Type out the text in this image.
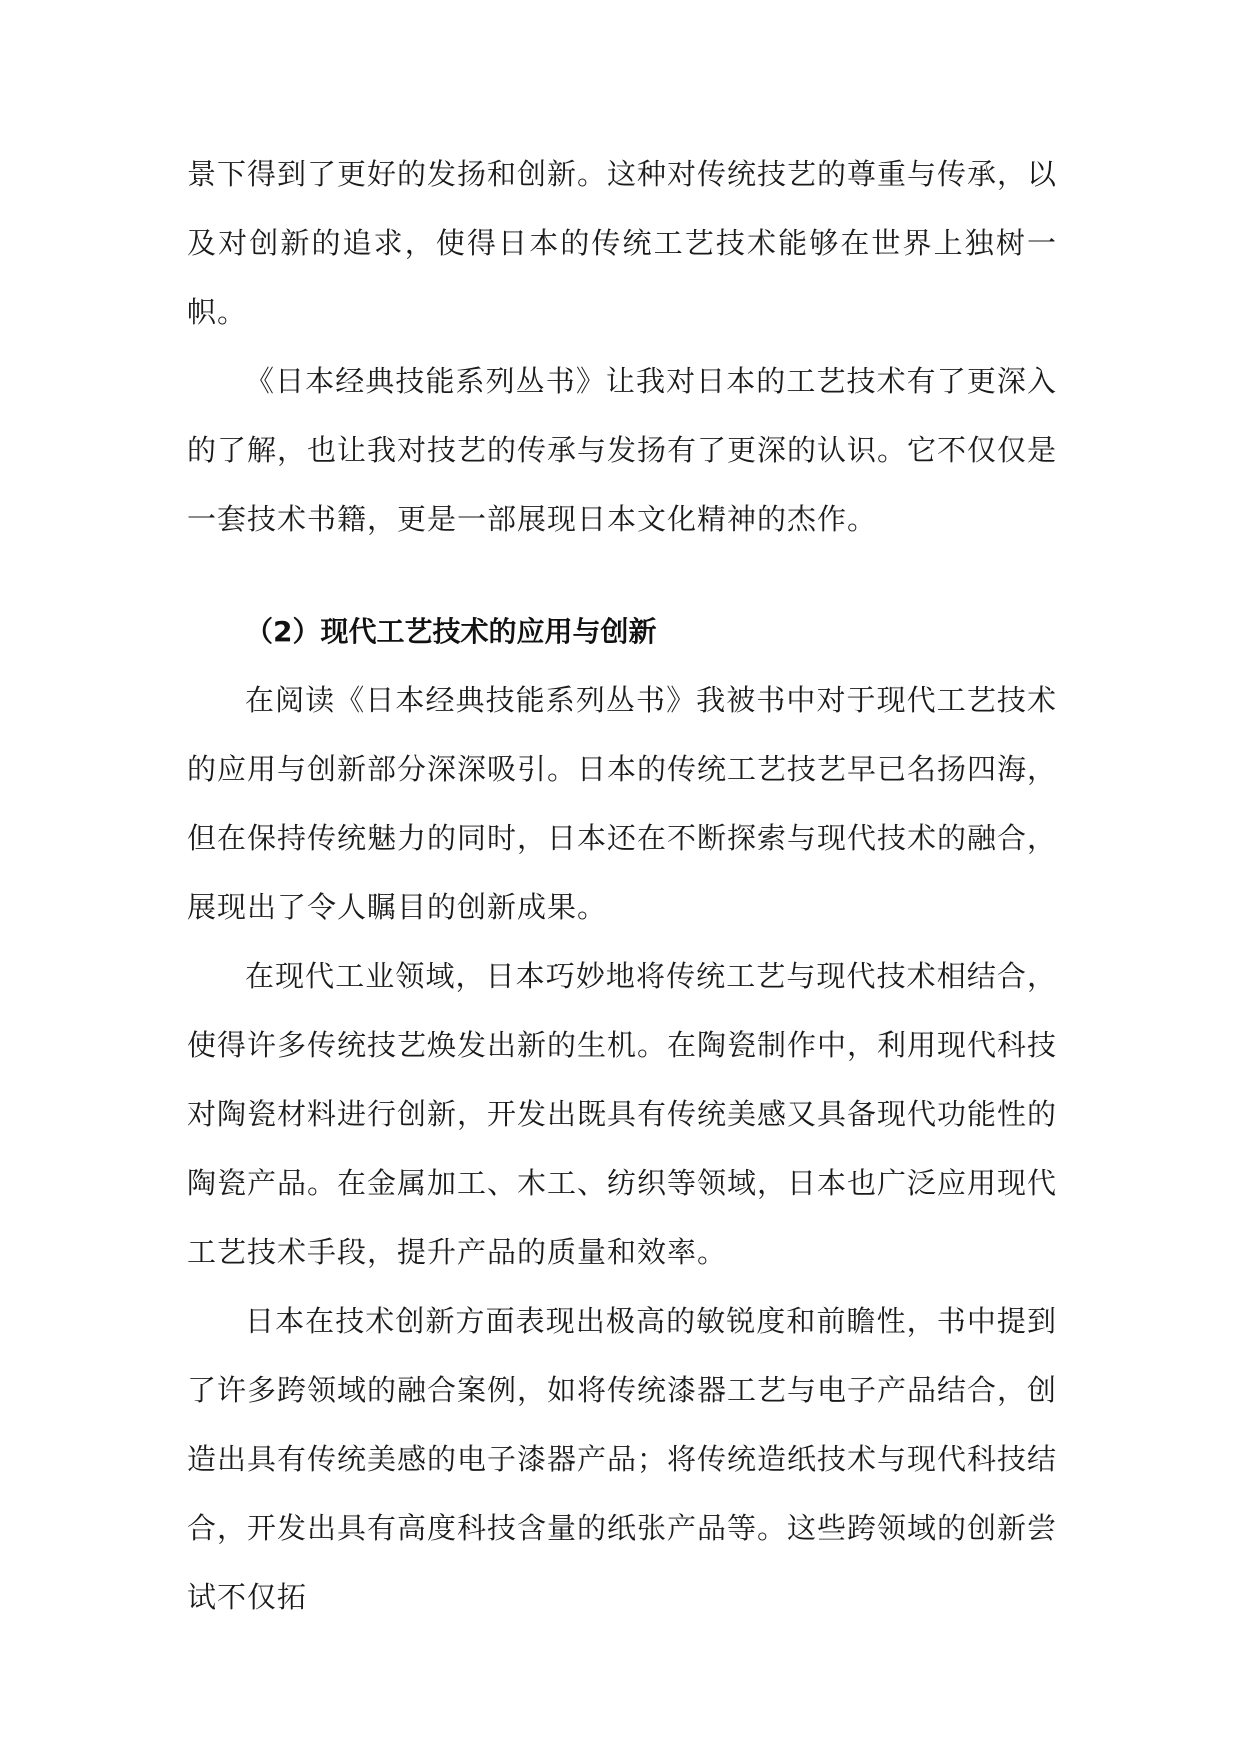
景下得到了更好的发扬和创新。这种对传统技艺的尊重与传承，以及对创新的追求，使得日本的传统工艺技术能够在世界上独树一帜。

《日本经典技能系列丛书》让我对日本的工艺技术有了更深入的了解，也让我对技艺的传承与发扬有了更深的认识。它不仅仅是一套技术书籍，更是一部展现日本文化精神的杰作。

（2）现代工艺技术的应用与创新

在阅读《日本经典技能系列丛书》我被书中对于现代工艺技术的应用与创新部分深深吸引。日本的传统工艺技艺早已名扬四海，但在保持传统魅力的同时，日本还在不断探索与现代技术的融合，展现出了令人瞩目的创新成果。

在现代工业领域，日本巧妙地将传统工艺与现代技术相结合，使得许多传统技艺焕发出新的生机。在陶瓷制作中，利用现代科技对陶瓷材料进行创新，开发出既具有传统美感又具备现代功能性的陶瓷产品。在金属加工、木工、纺织等领域，日本也广泛应用现代工艺技术手段，提升产品的质量和效率。

日本在技术创新方面表现出极高的敏锐度和前瞻性，书中提到了许多跨领域的融合案例，如将传统漆器工艺与电子产品结合，创造出具有传统美感的电子漆器产品；将传统造纸技术与现代科技结合，开发出具有高度科技含量的纸张产品等。这些跨领域的创新尝试不仅拓
